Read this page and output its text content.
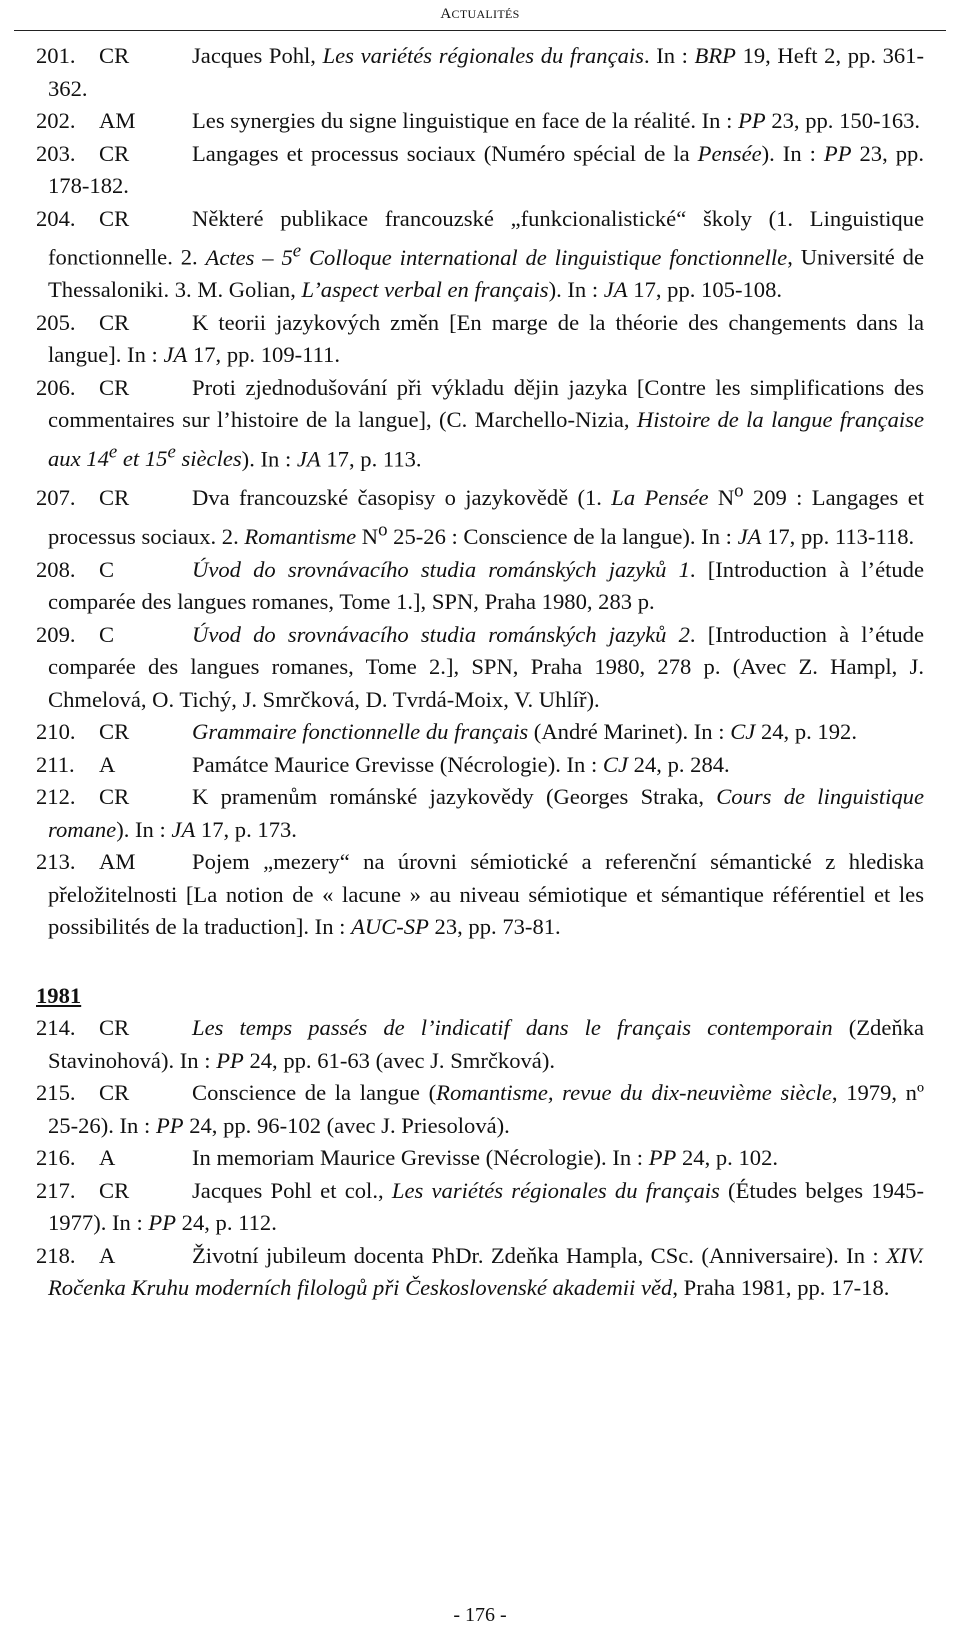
ACTUALITÉS
201. CR	Jacques Pohl, Les variétés régionales du français. In : BRP 19, Heft 2, pp. 361-362.
202. AM	Les synergies du signe linguistique en face de la réalité. In : PP 23, pp. 150-163.
203. CR	Langages et processus sociaux (Numéro spécial de la Pensée). In : PP 23, pp. 178-182.
204. CR	Některé publikace francouzské „funkcionalistické“ školy (1. Linguistique fonctionnelle. 2. Actes – 5e Colloque international de linguistique fonctionnelle, Université de Thessaloniki. 3. M. Golian, L’aspect verbal en français). In : JA 17, pp. 105-108.
205. CR	K teorii jazykových změn [En marge de la théorie des changements dans la langue]. In : JA 17, pp. 109-111.
206. CR	Proti zjednodušování při výkladu dějin jazyka [Contre les simplifications des commentaires sur l’histoire de la langue], (C. Marchello-Nizia, Histoire de la langue française aux 14e et 15e siècles). In : JA 17, p. 113.
207. CR	Dva francouzské časopisy o jazykovědě (1. La Pensée $N^o$ 209 : Langages et processus sociaux. 2. Romantisme $N^o$ 25-26 : Conscience de la langue). In : JA 17, pp. 113-118.
208. C	Úvod do srovnávacího studia románských jazyků 1. [Introduction à l’étude comparée des langues romanes, Tome 1.], SPN, Praha 1980, 283 p.
209. C	Úvod do srovnávacího studia románských jazyků 2. [Introduction à l’étude comparée des langues romanes, Tome 2.], SPN, Praha 1980, 278 p. (Avec Z. Hampl, J. Chmelová, O. Tichý, J. Smrčková, D. Tvrdá-Moix, V. Uhlíř).
210. CR	Grammaire fonctionnelle du français (André Marinet). In : CJ 24, p. 192.
211. A	Památce Maurice Grevisse (Nécrologie). In : CJ 24, p. 284.
212. CR	K pramenům románské jazykovědy (Georges Straka, Cours de linguistique romane). In : JA 17, p. 173.
213. AM	Pojem „mezery“ na úrovni sémiotické a referenční sémantické z hlediska přeložitelnosti [La notion de « lacune » au niveau sémiotique et sémantique référentiel et les possibilités de la traduction]. In : AUC-SP 23, pp. 73-81.
1981
214. CR	Les temps passés de l’indicatif dans le français contemporain (Zdeňka Stavinohová). In : PP 24, pp. 61-63 (avec J. Smrčková).
215. CR	Conscience de la langue (Romantisme, revue du dix-neuvième siècle, 1979, nº 25-26). In : PP 24, pp. 96-102 (avec J. Priesolová).
216. A	In memoriam Maurice Grevisse (Nécrologie). In : PP 24, p. 102.
217. CR	Jacques Pohl et col., Les variétés régionales du français (Études belges 1945-1977). In : PP 24, p. 112.
218. A	Životní jubileum docenta PhDr. Zdeňka Hampla, CSc. (Anniversaire). In : XIV. Ročenka Kruhu moderních filologů při Československé akademii věd, Praha 1981, pp. 17-18.
- 176 -
